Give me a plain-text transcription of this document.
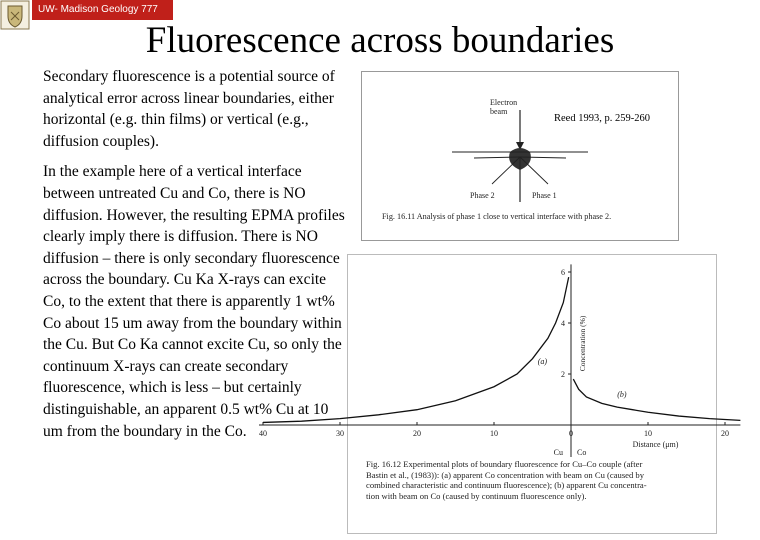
UW- Madison Geology 777
Fluorescence across boundaries

Secondary fluorescence is a potential source of analytical error across linear boundaries, either horizontal (e.g. thin films) or vertical (e.g., diffusion couples).

In the example here of a vertical interface between untreated Cu and Co, there is NO diffusion. However, the resulting EPMA profiles clearly imply there is diffusion. There is NO diffusion – there is only secondary fluorescence across the boundary. Cu Ka X-rays can excite Co, to the extent that there is apparently 1 wt% Co about 15 um away from the boundary within the Cu. But Co Ka cannot excite Cu, so only the continuum X-rays can create secondary fluorescence, which is less – but certainly distinguishable, an apparent 0.5 wt% Cu at 10 um from the boundary in the Co.

Electron
beam
Phase 2	Phase 1
Fig. 16.11 Analysis of phase 1 close to vertical interface with phase 2.
Reed 1993, p. 259-260
40	30	20	10	0	10	20
2
4
6
Concentration (%)
Distance (μm)
Cu Co
(a)
(b)
Fig. 16.12 Experimental plots of boundary fluorescence for Cu–Co couple (after
Bastin et al., (1983)): (a) apparent Co concentration with beam on Cu (caused by
combined characteristic and continuum fluorescence); (b) apparent Cu concentra-
tion with beam on Co (caused by continuum fluorescence only).
